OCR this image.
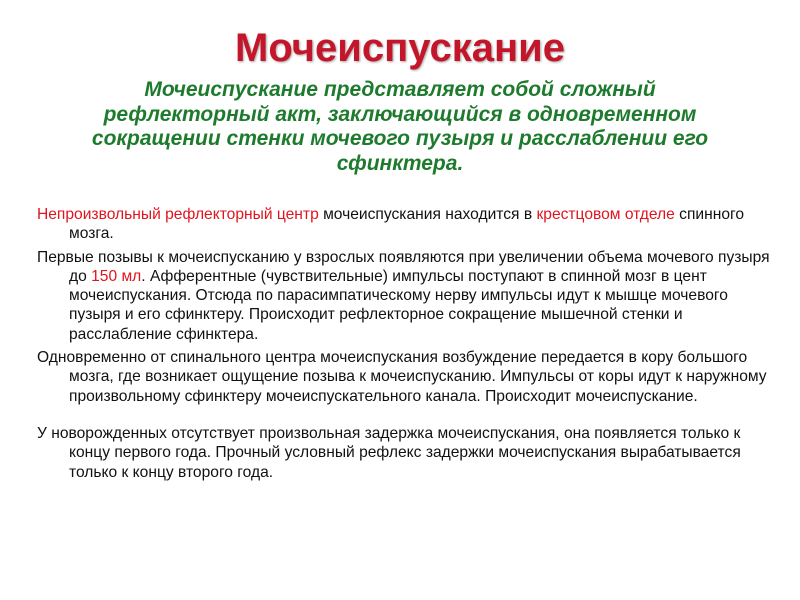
Мочеиспускание
Мочеиспускание представляет собой сложный рефлекторный акт, заключающийся в одновременном сокращении стенки мочевого пузыря и расслаблении его сфинктера.

Непроизвольный рефлекторный центр мочеиспускания находится в крестцовом отделе спинного мозга.

Первые позывы к мочеиспусканию у взрослых появляются при увеличении объема мочевого пузыря до 150 мл. Афферентные (чувствительные) импульсы поступают в спинной мозг в цент мочеиспускания. Отсюда по парасимпатическому нерву импульсы идут к мышце мочевого пузыря и его сфинктеру. Происходит рефлекторное сокращение мышечной стенки и расслабление сфинктера.

Одновременно от спинального центра мочеиспускания возбуждение передается в кору большого мозга, где возникает ощущение позыва к мочеиспусканию. Импульсы от коры идут к наружному произвольному сфинктеру мочеиспускательного канала. Происходит мочеиспускание.

У новорожденных отсутствует произвольная задержка мочеиспускания, она появляется только к концу первого года. Прочный условный рефлекс задержки мочеиспускания вырабатывается только к концу второго года.
